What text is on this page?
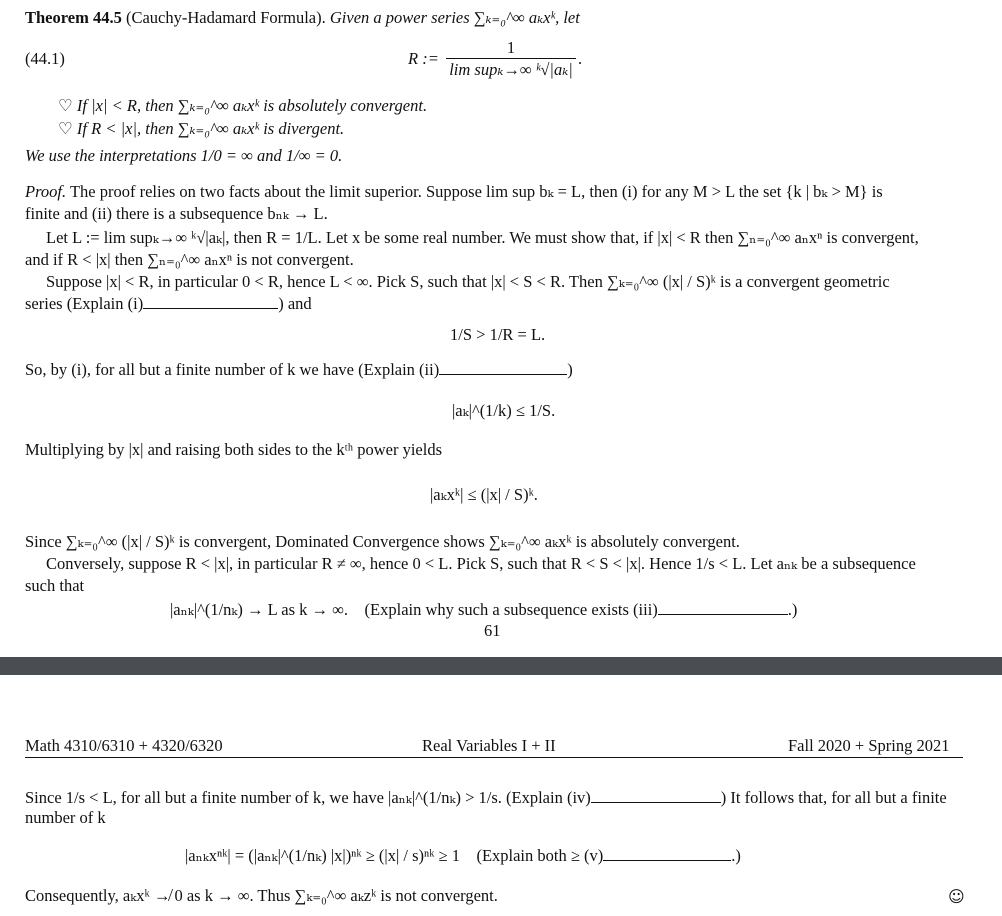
Theorem 44.5 (Cauchy-Hadamard Formula). Given a power series ∑ₖ₌₀^∞ aₖxᵏ, let
(44.1)	R :=
1
lim supₖ→∞ ᵏ√|aₖ|
.
♡ If |x| < R, then ∑ₖ₌₀^∞ aₖxᵏ is absolutely convergent.
♡ If R < |x|, then ∑ₖ₌₀^∞ aₖxᵏ is divergent.
We use the interpretations 1/0 = ∞ and 1/∞ = 0.
Proof. The proof relies on two facts about the limit superior. Suppose lim sup bₖ = L, then (i) for any M > L the set {k | bₖ > M} is
finite and (ii) there is a subsequence bₙₖ → L.
Let L := lim supₖ→∞ ᵏ√|aₖ|, then R = 1/L. Let x be some real number. We must show that, if |x| < R then ∑ₙ₌₀^∞ aₙxⁿ is convergent,
and if R < |x| then ∑ₙ₌₀^∞ aₙxⁿ is not convergent.
Suppose |x| < R, in particular 0 < R, hence L < ∞. Pick S, such that |x| < S < R. Then ∑ₖ₌₀^∞ (|x| / S)ᵏ is a convergent geometric
series (Explain (i)	) and
1/S > 1/R = L.
So, by (i), for all but a finite number of k we have (Explain (ii)	)
|aₖ|^(1/k) ≤ 1/S.
Multiplying by |x| and raising both sides to the kᵗʰ power yields
|aₖxᵏ| ≤ (|x| / S)ᵏ.
Since ∑ₖ₌₀^∞ (|x| / S)ᵏ is convergent, Dominated Convergence shows ∑ₖ₌₀^∞ aₖxᵏ is absolutely convergent.
Conversely, suppose R < |x|, in particular R ≠ ∞, hence 0 < L. Pick S, such that R < S < |x|. Hence 1/s < L. Let aₙₖ be a subsequence
such that
|aₙₖ|^(1/nₖ) → L as k → ∞. (Explain why such a subsequence exists (iii)	.)
61
Math 4310/6310 + 4320/6320	Real Variables I + II	Fall 2020 + Spring 2021
Since 1/s < L, for all but a finite number of k, we have |aₙₖ|^(1/nₖ) > 1/s. (Explain (iv)	) It follows that, for all but a finite
number of k
|aₙₖxⁿᵏ| = (|aₙₖ|^(1/nₖ) |x|)ⁿᵏ ≥ (|x| / s)ⁿᵏ ≥ 1 (Explain both ≥ (v)	.)
Consequently, aₖxᵏ ↛ 0 as k → ∞. Thus ∑ₖ₌₀^∞ aₖzᵏ is not convergent.	☺
